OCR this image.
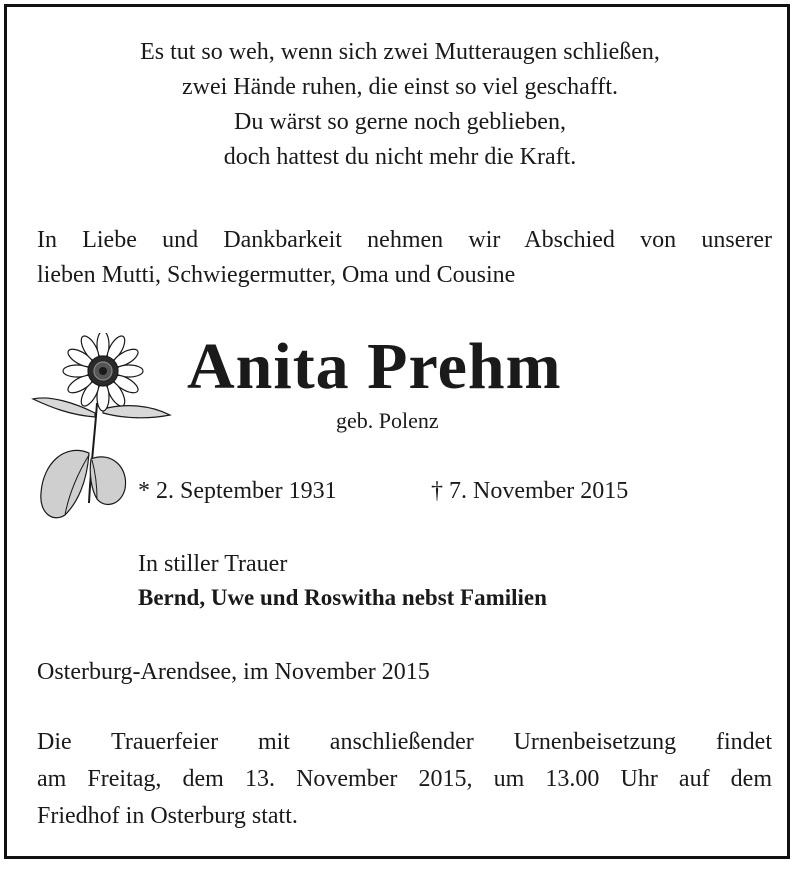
Es tut so weh, wenn sich zwei Mutteraugen schließen,
zwei Hände ruhen, die einst so viel geschafft.
Du wärst so gerne noch geblieben,
doch hattest du nicht mehr die Kraft.
In Liebe und Dankbarkeit nehmen wir Abschied von unserer
lieben Mutti, Schwiegermutter, Oma und Cousine
Anita Prehm
geb. Polenz
* 2. September 1931	† 7. November 2015
In stiller Trauer
Bernd, Uwe und Roswitha nebst Familien
Osterburg-Arendsee, im November 2015
Die Trauerfeier mit anschließender Urnenbeisetzung findet
am Freitag, dem 13. November 2015, um 13.00 Uhr auf dem
Friedhof in Osterburg statt.
